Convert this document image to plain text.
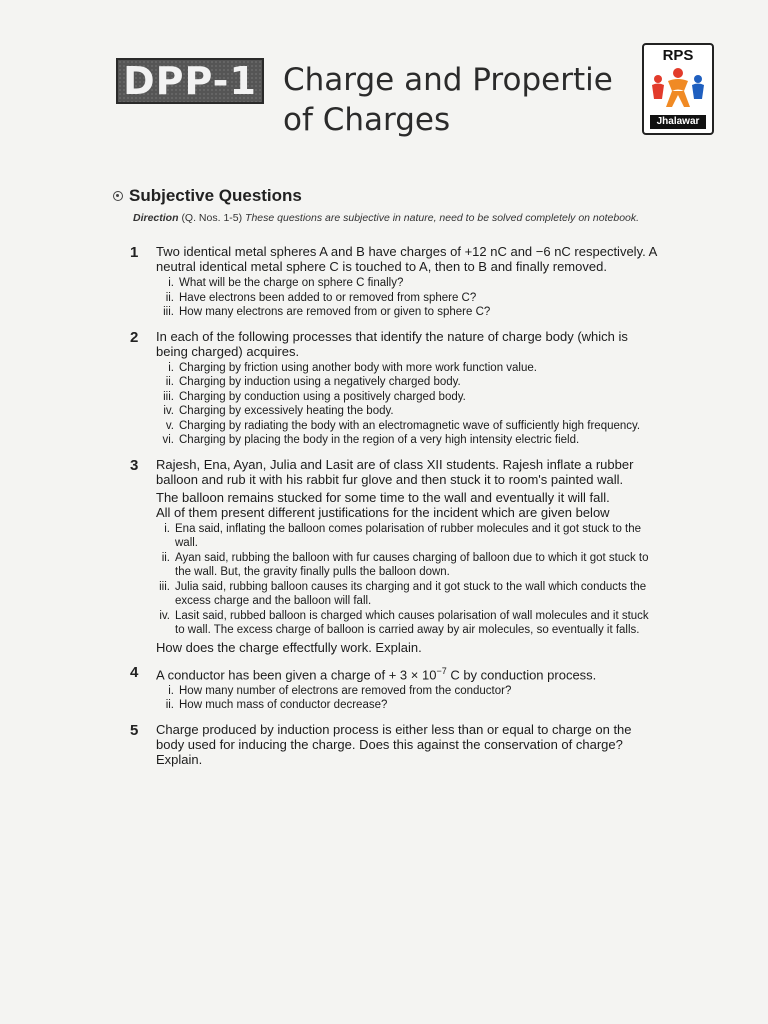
DPP-1 Charge and Propertie
of Charges
RPS
Jhalawar
Subjective Questions
Direction (Q. Nos. 1-5) These questions are subjective in nature, need to be solved completely on notebook.
1 Two identical metal spheres A and B have charges of +12 nC and −6 nC respectively. A neutral identical metal sphere C is touched to A, then to B and finally removed.
i. What will be the charge on sphere C finally?
ii. Have electrons been added to or removed from sphere C?
iii. How many electrons are removed from or given to sphere C?
2 In each of the following processes that identify the nature of charge body (which is being charged) acquires.
i. Charging by friction using another body with more work function value.
ii. Charging by induction using a negatively charged body.
iii. Charging by conduction using a positively charged body.
iv. Charging by excessively heating the body.
v. Charging by radiating the body with an electromagnetic wave of sufficiently high frequency.
vi. Charging by placing the body in the region of a very high intensity electric field.
3 Rajesh, Ena, Ayan, Julia and Lasit are of class XII students. Rajesh inflate a rubber balloon and rub it with his rabbit fur glove and then stuck it to room's painted wall.
The balloon remains stucked for some time to the wall and eventually it will fall.
All of them present different justifications for the incident which are given below
i. Ena said, inflating the balloon comes polarisation of rubber molecules and it got stuck to the wall.
ii. Ayan said, rubbing the balloon with fur causes charging of balloon due to which it got stuck to the wall. But, the gravity finally pulls the balloon down.
iii. Julia said, rubbing balloon causes its charging and it got stuck to the wall which conducts the excess charge and the balloon will fall.
iv. Lasit said, rubbed balloon is charged which causes polarisation of wall molecules and it stuck to wall. The excess charge of balloon is carried away by air molecules, so eventually it falls.
How does the charge effectfully work. Explain.
4 A conductor has been given a charge of + $3 \times 10^{-7}$ C by conduction process.
i. How many number of electrons are removed from the conductor?
ii. How much mass of conductor decrease?
5 Charge produced by induction process is either less than or equal to charge on the body used for inducing the charge. Does this against the conservation of charge? Explain.
